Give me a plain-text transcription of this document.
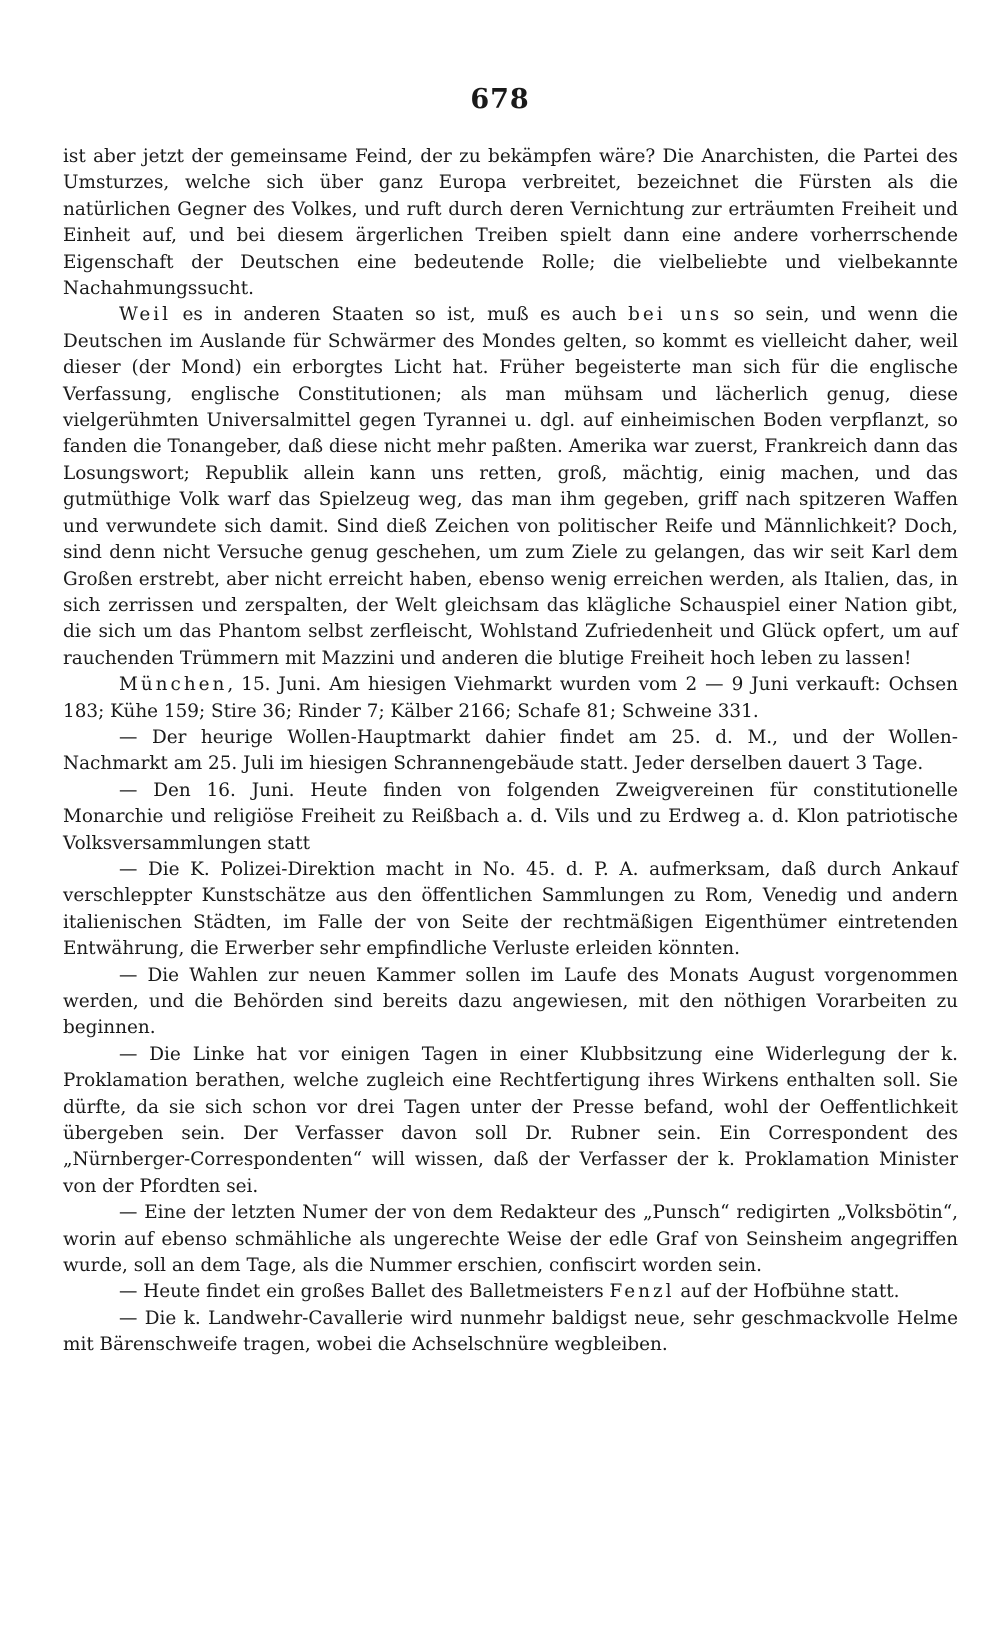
678

ist aber jetzt der gemeinsame Feind, der zu bekämpfen wäre? Die Anarchisten, die Partei des Umsturzes, welche sich über ganz Europa verbreitet, bezeichnet die Fürsten als die natürlichen Gegner des Volkes, und ruft durch deren Vernichtung zur erträumten Freiheit und Einheit auf, und bei diesem ärgerlichen Treiben spielt dann eine andere vorherrschende Eigenschaft der Deutschen eine bedeutende Rolle; die vielbeliebte und vielbekannte Nachahmungssucht.

Weil es in anderen Staaten so ist, muß es auch bei uns so sein, und wenn die Deutschen im Auslande für Schwärmer des Mondes gelten, so kommt es vielleicht daher, weil dieser (der Mond) ein erborgtes Licht hat. Früher begeisterte man sich für die englische Verfassung, englische Constitutionen; als man mühsam und lächerlich genug, diese vielgerühmten Universalmittel gegen Tyrannei u. dgl. auf einheimischen Boden verpflanzt, so fanden die Tonangeber, daß diese nicht mehr paßten. Amerika war zuerst, Frankreich dann das Losungswort; Republik allein kann uns retten, groß, mächtig, einig machen, und das gutmüthige Volk warf das Spielzeug weg, das man ihm gegeben, griff nach spitzeren Waffen und verwundete sich damit. Sind dieß Zeichen von politischer Reife und Männlichkeit? Doch, sind denn nicht Versuche genug geschehen, um zum Ziele zu gelangen, das wir seit Karl dem Großen erstrebt, aber nicht erreicht haben, ebenso wenig erreichen werden, als Italien, das, in sich zerrissen und zerspalten, der Welt gleichsam das klägliche Schauspiel einer Nation gibt, die sich um das Phantom selbst zerfleischt, Wohlstand Zufriedenheit und Glück opfert, um auf rauchenden Trümmern mit Mazzini und anderen die blutige Freiheit hoch leben zu lassen!

München, 15. Juni. Am hiesigen Viehmarkt wurden vom 2 — 9 Juni verkauft: Ochsen 183; Kühe 159; Stire 36; Rinder 7; Kälber 2166; Schafe 81; Schweine 331.

— Der heurige Wollen-Hauptmarkt dahier findet am 25. d. M., und der Wollen-Nachmarkt am 25. Juli im hiesigen Schrannengebäude statt. Jeder derselben dauert 3 Tage.

— Den 16. Juni. Heute finden von folgenden Zweigvereinen für constitutionelle Monarchie und religiöse Freiheit zu Reißbach a. d. Vils und zu Erdweg a. d. Klon patriotische Volksversammlungen statt

— Die K. Polizei-Direktion macht in No. 45. d. P. A. aufmerksam, daß durch Ankauf verschleppter Kunstschätze aus den öffentlichen Sammlungen zu Rom, Venedig und andern italienischen Städten, im Falle der von Seite der rechtmäßigen Eigenthümer eintretenden Entwährung, die Erwerber sehr empfindliche Verluste erleiden könnten.

— Die Wahlen zur neuen Kammer sollen im Laufe des Monats August vorgenommen werden, und die Behörden sind bereits dazu angewiesen, mit den nöthigen Vorarbeiten zu beginnen.

— Die Linke hat vor einigen Tagen in einer Klubbsitzung eine Widerlegung der k. Proklamation berathen, welche zugleich eine Rechtfertigung ihres Wirkens enthalten soll. Sie dürfte, da sie sich schon vor drei Tagen unter der Presse befand, wohl der Oeffentlichkeit übergeben sein. Der Verfasser davon soll Dr. Rubner sein. Ein Correspondent des „Nürnberger-Correspondenten“ will wissen, daß der Verfasser der k. Proklamation Minister von der Pfordten sei.

— Eine der letzten Numer der von dem Redakteur des „Punsch“ redigirten „Volksbötin“, worin auf ebenso schmähliche als ungerechte Weise der edle Graf von Seinsheim angegriffen wurde, soll an dem Tage, als die Nummer erschien, confiscirt worden sein.

— Heute findet ein großes Ballet des Balletmeisters Fenzl auf der Hofbühne statt.

— Die k. Landwehr-Cavallerie wird nunmehr baldigst neue, sehr geschmackvolle Helme mit Bärenschweife tragen, wobei die Achselschnüre wegbleiben.
